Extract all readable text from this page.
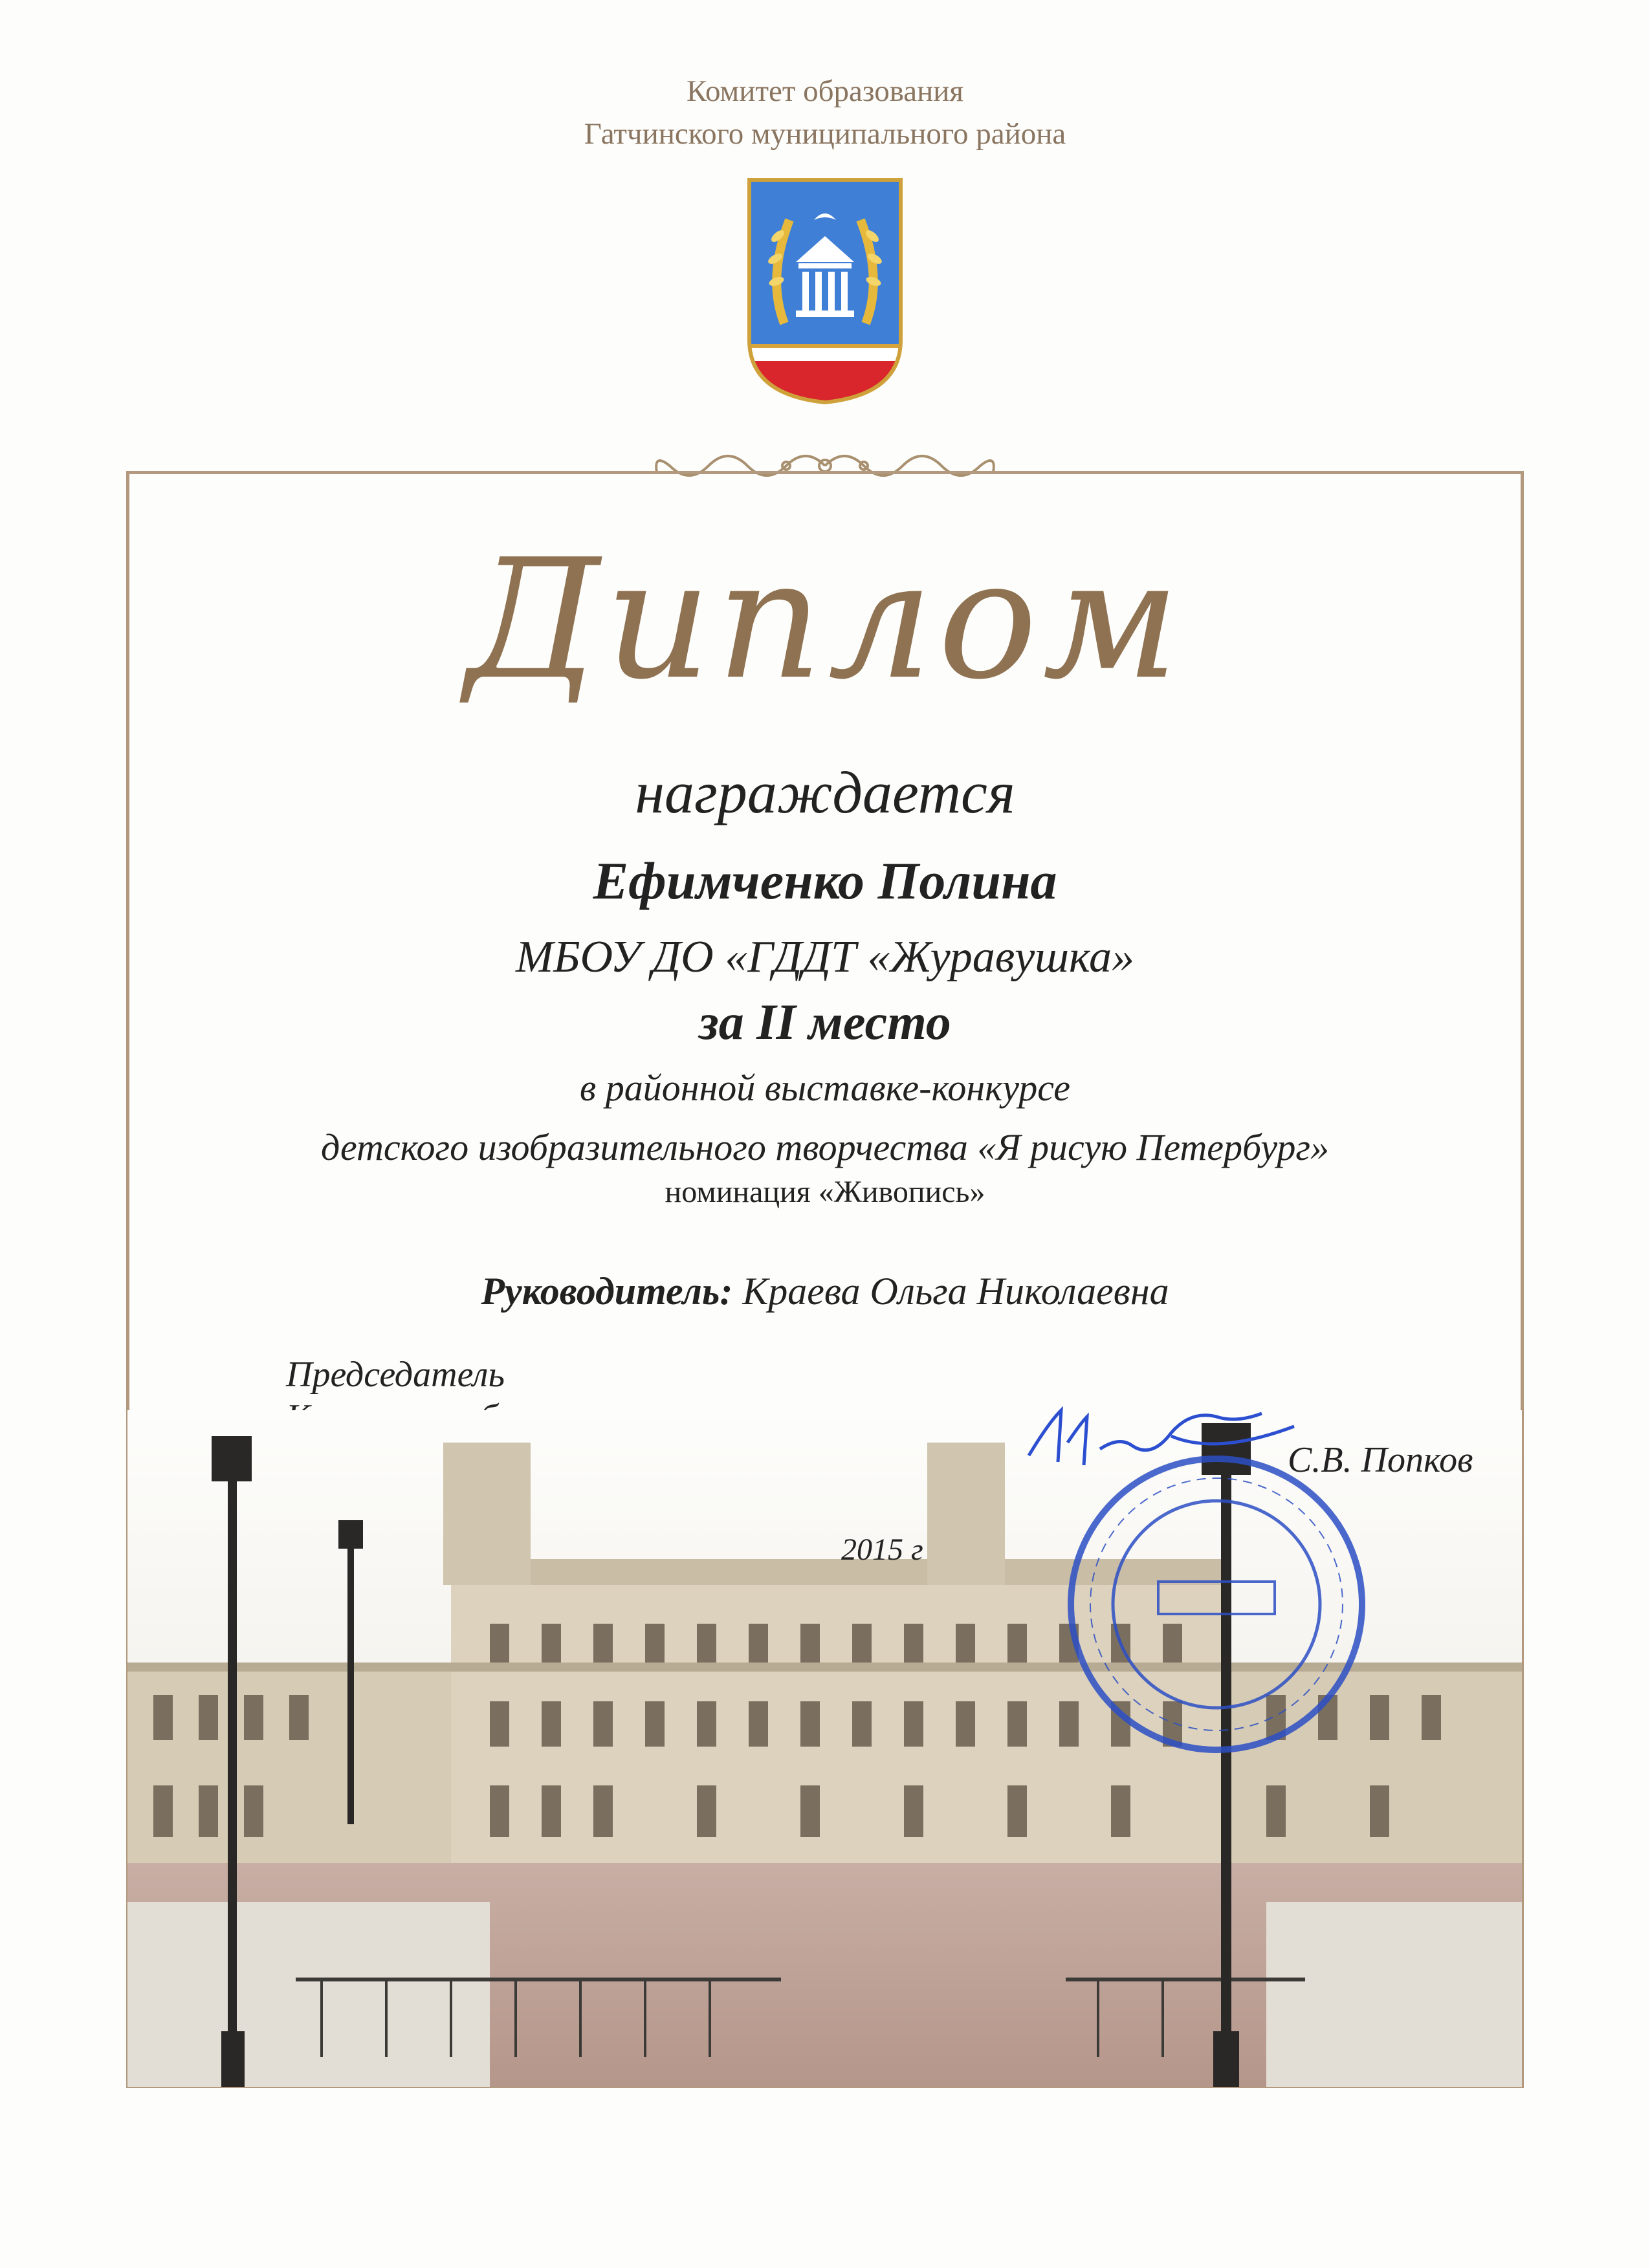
Комитет образования
Гатчинского муниципального района
Диплом
награждается
Ефимченко Полина
МБОУ ДО «ГДДТ «Журавушка»
за II место
в районной выставке-конкурсе
детского изобразительного творчества «Я рисую Петербург»
номинация «Живопись»
Руководитель: Краева Ольга Николаевна
Председатель
2015 г
С.В. Попков
